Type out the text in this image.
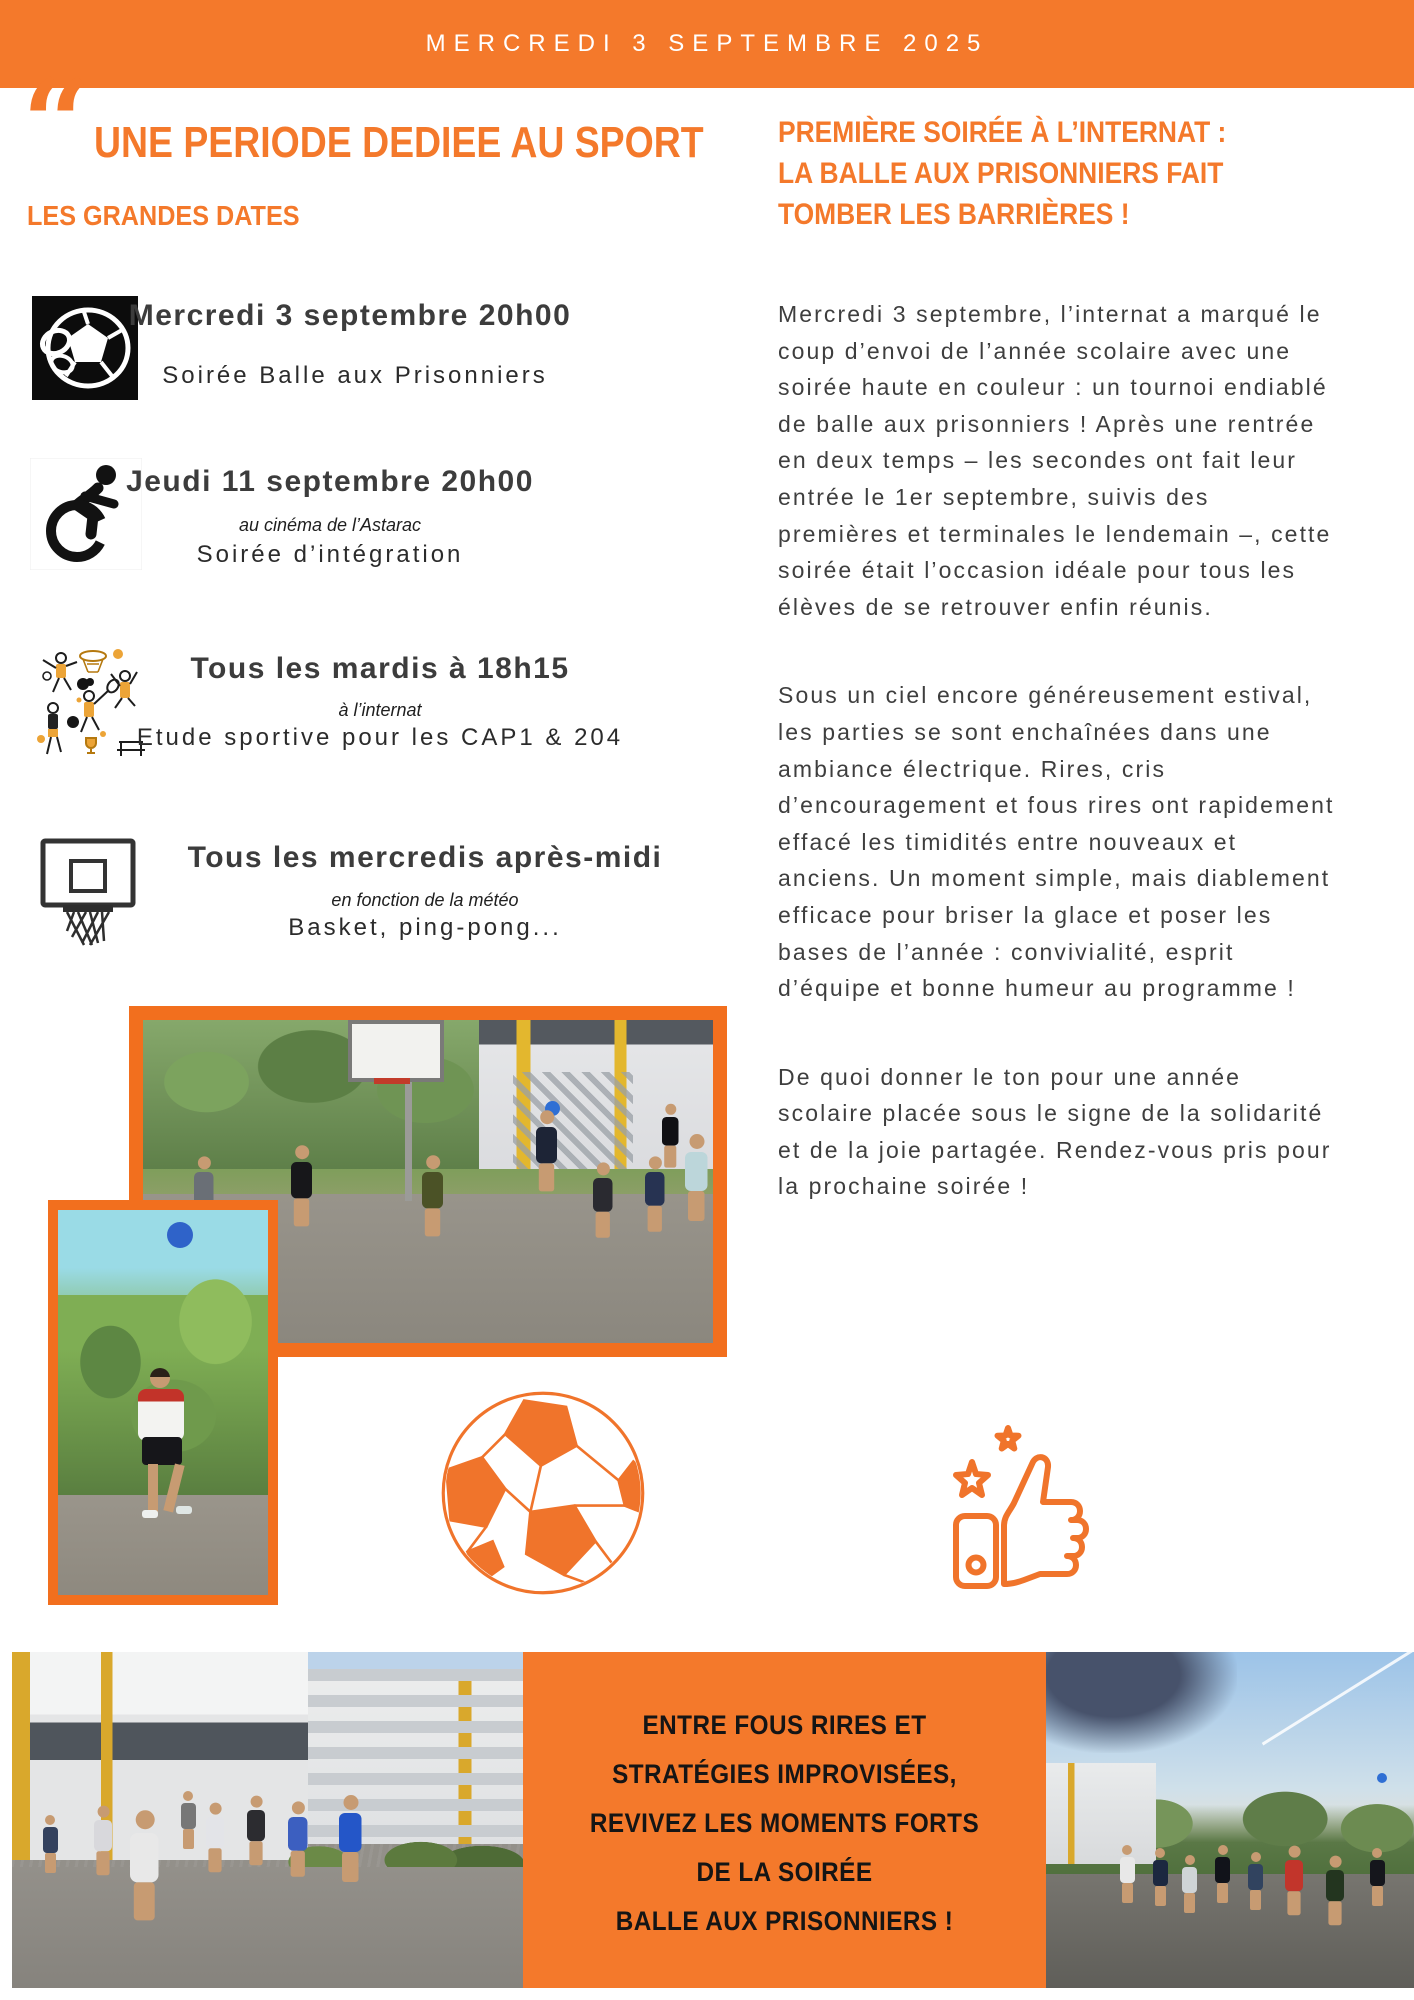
MERCREDI 3 SEPTEMBRE 2025
“ UNE PERIODE DEDIEE AU SPORT
LES GRANDES DATES
PREMIÈRE SOIRÉE À L’INTERNAT :
LA BALLE AUX PRISONNIERS FAIT
TOMBER LES BARRIÈRES !
Mercredi 3 septembre 20h00
Soirée Balle aux Prisonniers
Jeudi 11 septembre 20h00
au cinéma de l’Astarac
Soirée d’intégration
Tous les mardis à 18h15
à l’internat
Etude sportive pour les CAP1 & 204
Tous les mercredis après-midi
en fonction de la météo
Basket, ping-pong...

Mercredi 3 septembre, l’internat a marqué le coup d’envoi de l’année scolaire avec une soirée haute en couleur : un tournoi endiablé de balle aux prisonniers ! Après une rentrée en deux temps – les secondes ont fait leur entrée le 1er septembre, suivis des premières et terminales le lendemain –, cette soirée était l’occasion idéale pour tous les élèves de se retrouver enfin réunis.

Sous un ciel encore généreusement estival, les parties se sont enchaînées dans une ambiance électrique. Rires, cris d’encouragement et fous rires ont rapidement effacé les timidités entre nouveaux et anciens. Un moment simple, mais diablement efficace pour briser la glace et poser les bases de l’année : convivialité, esprit d’équipe et bonne humeur au programme !

De quoi donner le ton pour une année scolaire placée sous le signe de la solidarité et de la joie partagée. Rendez-vous pris pour la prochaine soirée !

ENTRE FOUS RIRES ET

STRATÉGIES IMPROVISÉES,

REVIVEZ LES MOMENTS FORTS

DE LA SOIRÉE

BALLE AUX PRISONNIERS !
